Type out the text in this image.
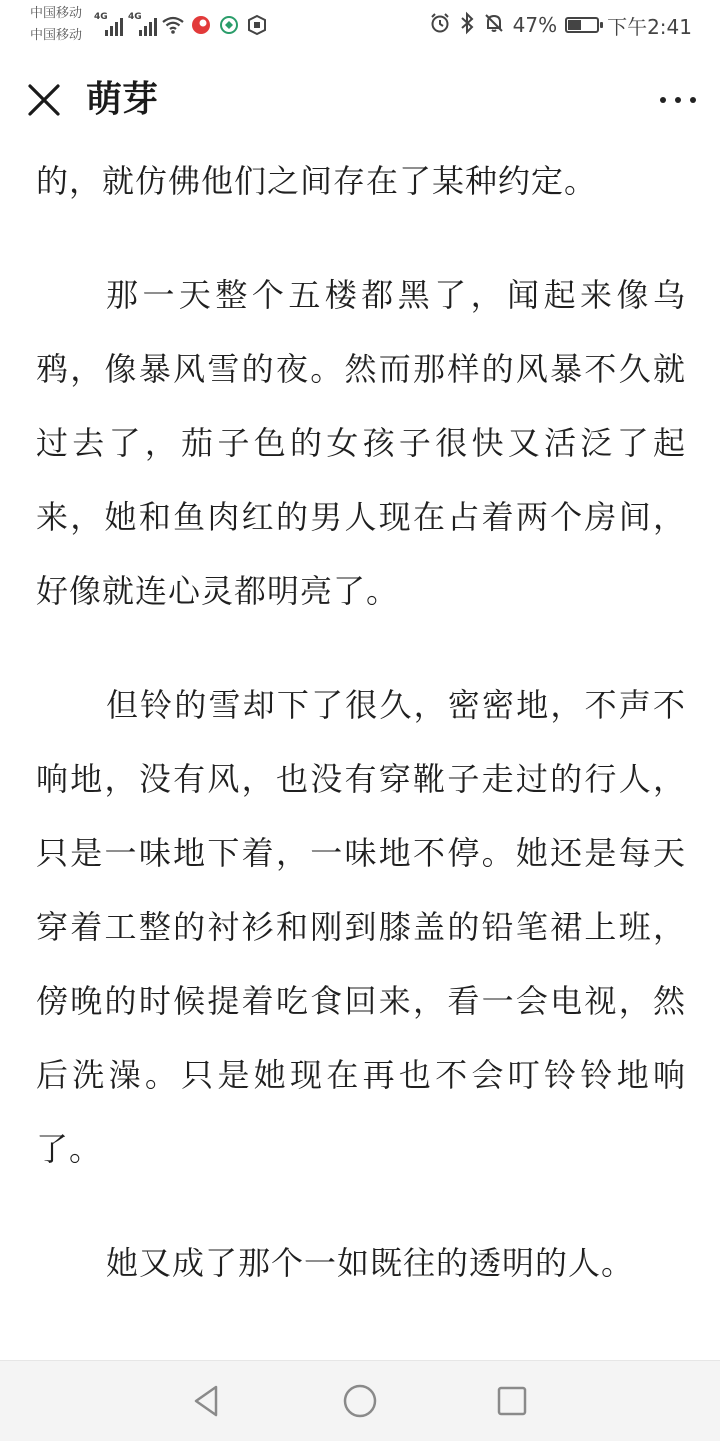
中国移动
中国移动
4G 4G	47%	下午2:41
萌芽

的，就仿佛他们之间存在了某种约定。

那一天整个五楼都黑了，闻起来像乌鸦，像暴风雪的夜。然而那样的风暴不久就过去了，茄子色的女孩子很快又活泛了起来，她和鱼肉红的男人现在占着两个房间，好像就连心灵都明亮了。

但铃的雪却下了很久，密密地，不声不响地，没有风，也没有穿靴子走过的行人，只是一味地下着，一味地不停。她还是每天穿着工整的衬衫和刚到膝盖的铅笔裙上班，傍晚的时候提着吃食回来，看一会电视，然后洗澡。只是她现在再也不会叮铃铃地响了。

她又成了那个一如既往的透明的人。
